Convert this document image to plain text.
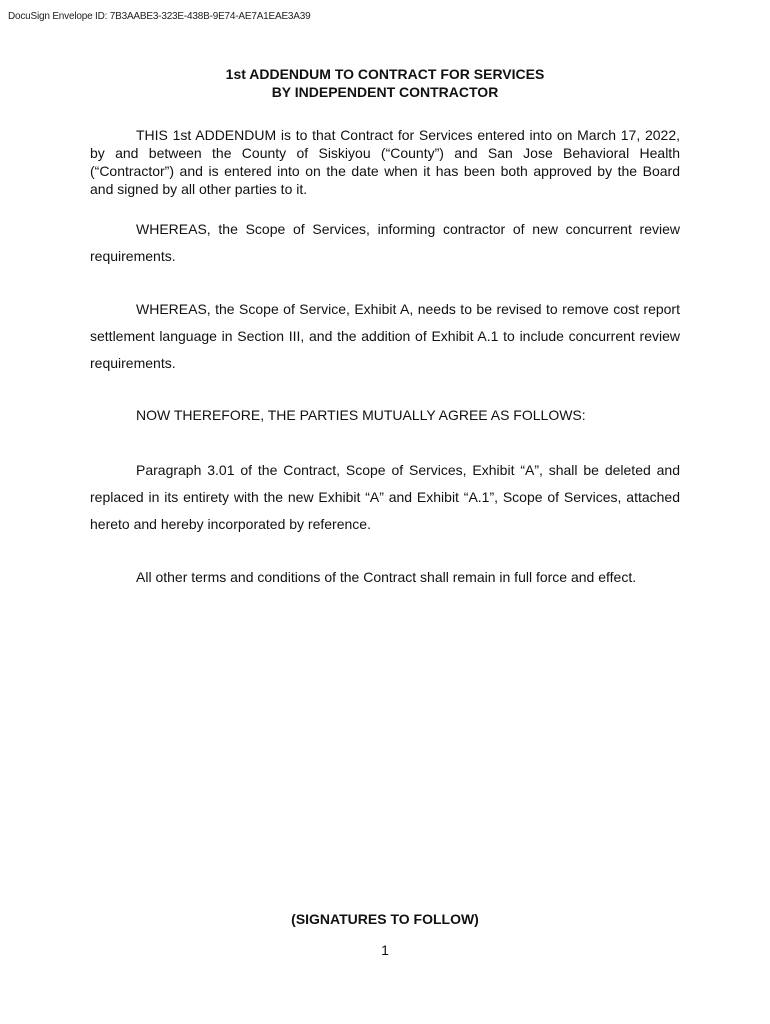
DocuSign Envelope ID: 7B3AABE3-323E-438B-9E74-AE7A1EAE3A39
1st ADDENDUM TO CONTRACT FOR SERVICES
BY INDEPENDENT CONTRACTOR

THIS 1st ADDENDUM is to that Contract for Services entered into on March 17, 2022, by and between the County of Siskiyou (“County”) and San Jose Behavioral Health (“Contractor”) and is entered into on the date when it has been both approved by the Board and signed by all other parties to it.

WHEREAS, the Scope of Services, informing contractor of new concurrent review requirements.

WHEREAS, the Scope of Service, Exhibit A, needs to be revised to remove cost report settlement language in Section III, and the addition of Exhibit A.1 to include concurrent review requirements.

NOW THEREFORE, THE PARTIES MUTUALLY AGREE AS FOLLOWS:

Paragraph 3.01 of the Contract, Scope of Services, Exhibit “A”, shall be deleted and replaced in its entirety with the new Exhibit “A” and Exhibit “A.1”, Scope of Services, attached hereto and hereby incorporated by reference.

All other terms and conditions of the Contract shall remain in full force and effect.

(SIGNATURES TO FOLLOW)
1
